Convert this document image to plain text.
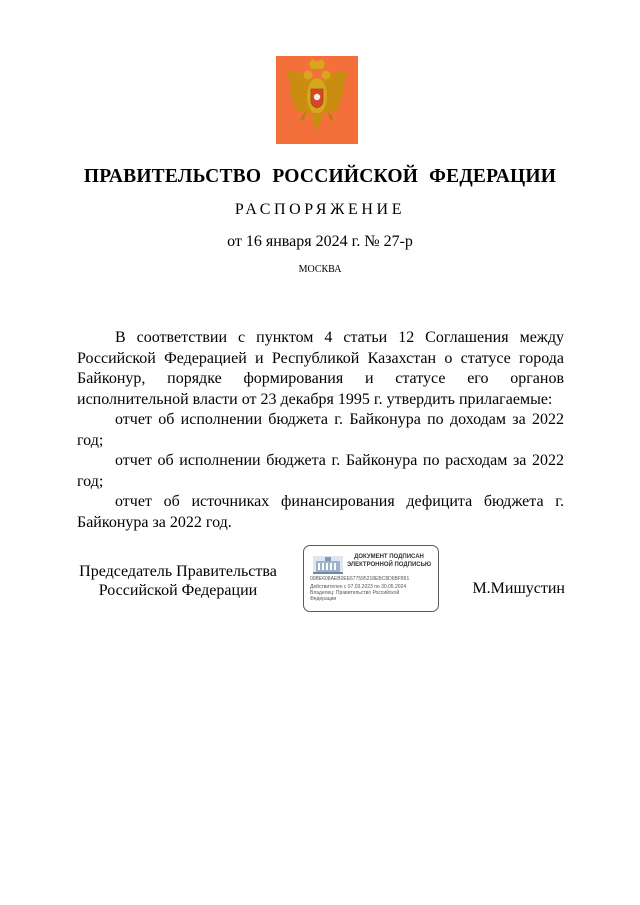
ПРАВИТЕЛЬСТВО РОССИЙСКОЙ ФЕДЕРАЦИИ
РАСПОРЯЖЕНИЕ
от 16 января 2024 г. № 27-р
МОСКВА

В соответствии с пунктом 4 статьи 12 Соглашения между Российской Федерацией и Республикой Казахстан о статусе города Байконур, порядке формирования и статусе его органов исполнительной власти от 23 декабря 1995 г. утвердить прилагаемые:

отчет об исполнении бюджета г. Байконура по доходам за 2022 год;

отчет об исполнении бюджета г. Байконура по расходам за 2022 год;

отчет об источниках финансирования дефицита бюджета г. Байконура за 2022 год.

Председатель Правительства
Российской Федерации
ДОКУМЕНТ ПОДПИСАН
ЭЛЕКТРОННОЙ ПОДПИСЬЮ
00BE608AEB0EE677595218EBC8D6BF891
Действителен с 07.03.2023 по 30.05.2024
Владелец: Правительство Российской
Федерации
М.Мишустин
